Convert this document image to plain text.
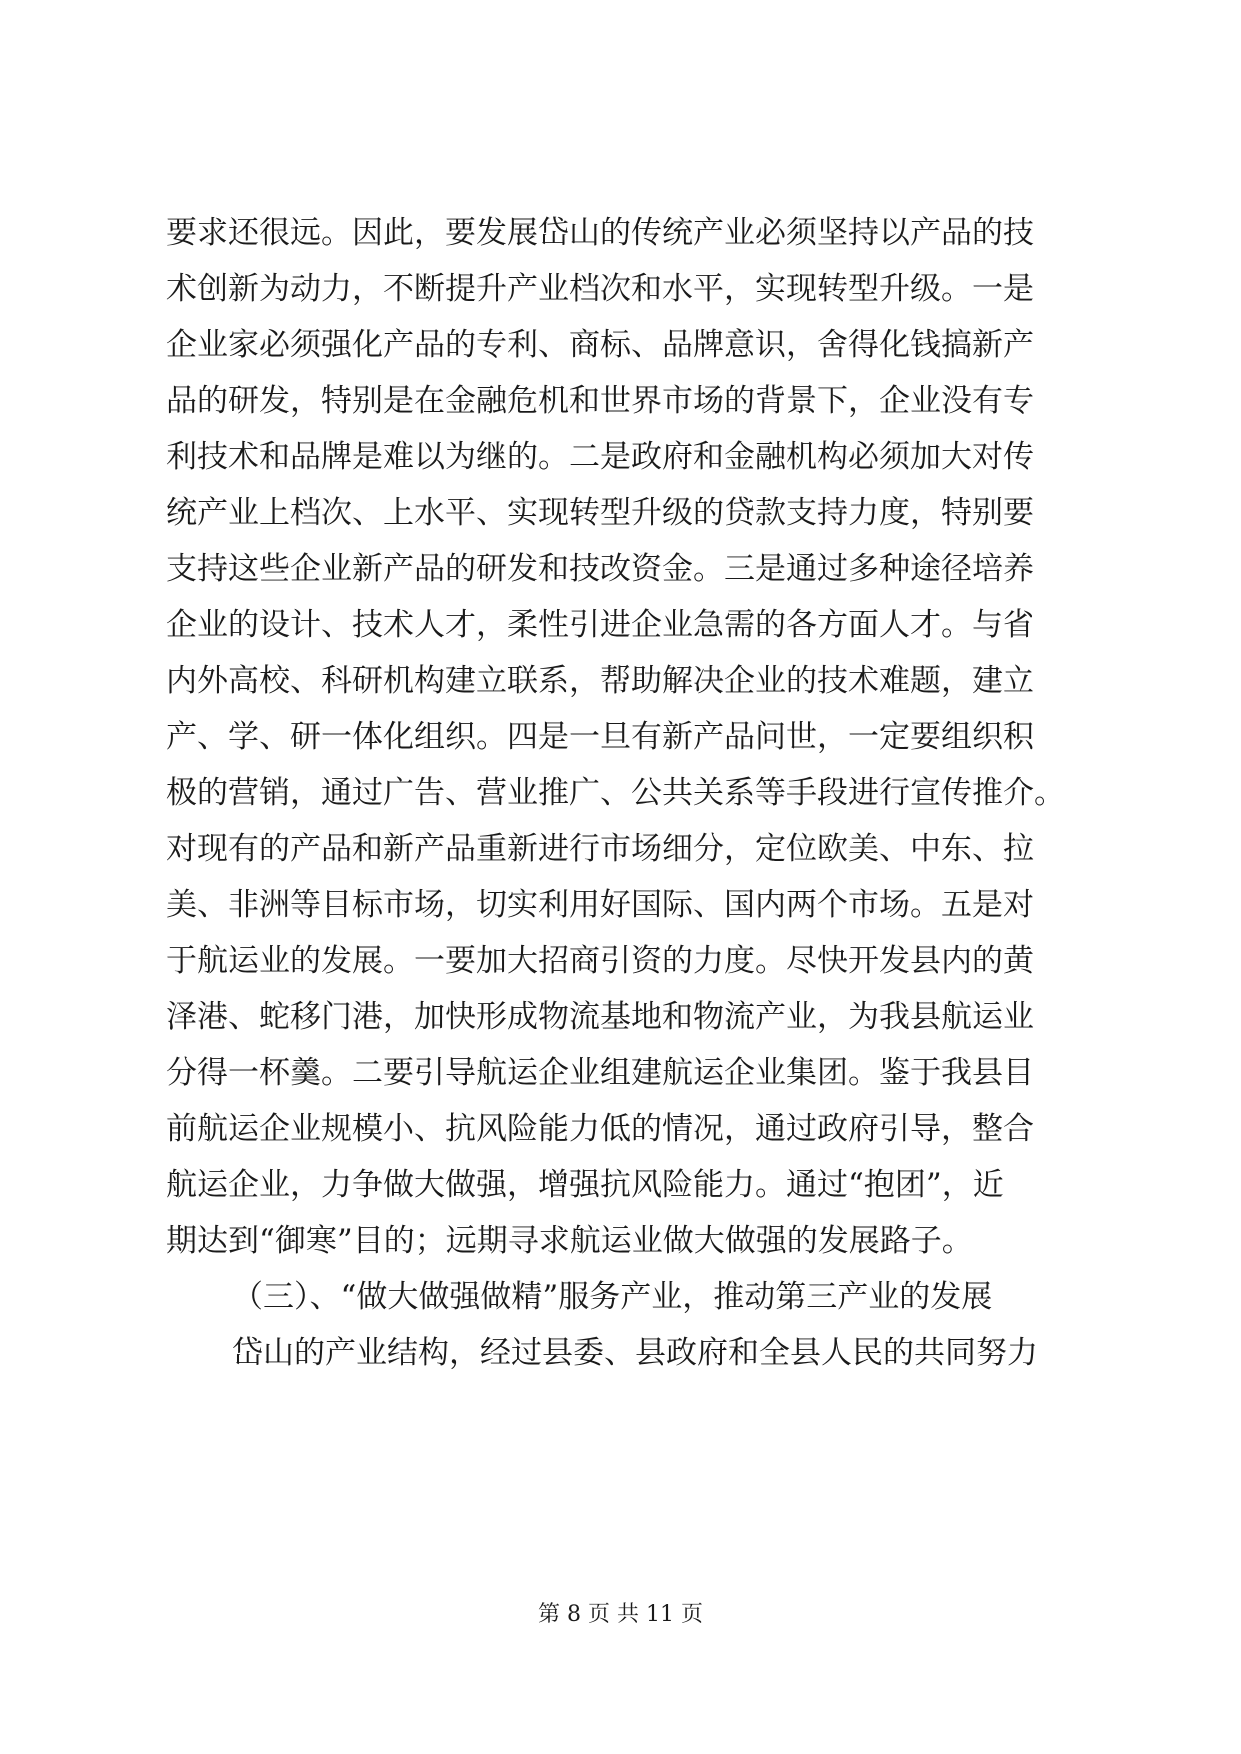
要求还很远。因此，要发展岱山的传统产业必须坚持以产品的技
术创新为动力，不断提升产业档次和水平，实现转型升级。一是
企业家必须强化产品的专利、商标、品牌意识，舍得化钱搞新产
品的研发，特别是在金融危机和世界市场的背景下，企业没有专
利技术和品牌是难以为继的。二是政府和金融机构必须加大对传
统产业上档次、上水平、实现转型升级的贷款支持力度，特别要
支持这些企业新产品的研发和技改资金。三是通过多种途径培养
企业的设计、技术人才，柔性引进企业急需的各方面人才。与省
内外高校、科研机构建立联系，帮助解决企业的技术难题，建立
产、学、研一体化组织。四是一旦有新产品问世，一定要组织积
极的营销，通过广告、营业推广、公共关系等手段进行宣传推介。
对现有的产品和新产品重新进行市场细分，定位欧美、中东、拉
美、非洲等目标市场，切实利用好国际、国内两个市场。五是对
于航运业的发展。一要加大招商引资的力度。尽快开发县内的黄
泽港、蛇移门港，加快形成物流基地和物流产业，为我县航运业
分得一杯羹。二要引导航运企业组建航运企业集团。鉴于我县目
前航运企业规模小、抗风险能力低的情况，通过政府引导，整合
航运企业，力争做大做强，增强抗风险能力。通过“抱团”，近
期达到“御寒”目的；远期寻求航运业做大做强的发展路子。
（三）、“做大做强做精”服务产业，推动第三产业的发展
岱山的产业结构，经过县委、县政府和全县人民的共同努力
第 8 页 共 11 页
